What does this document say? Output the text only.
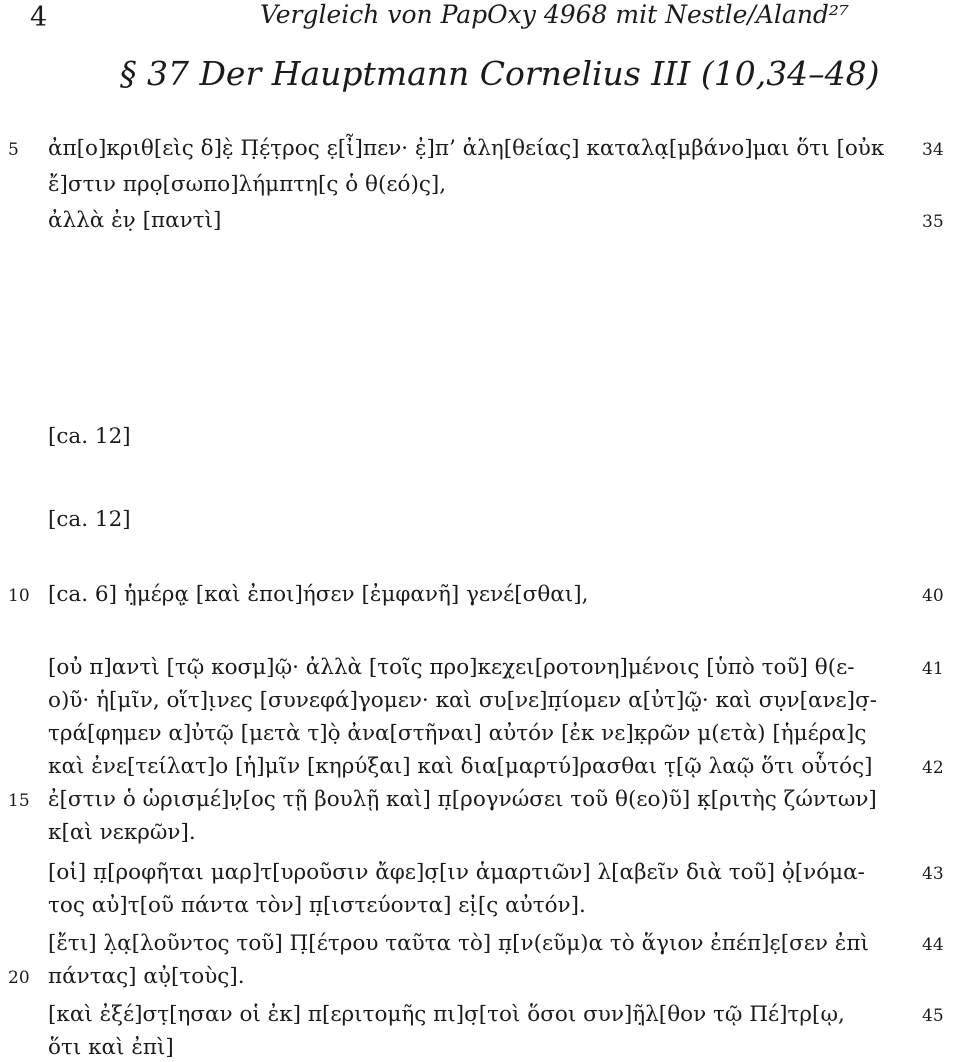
4	Vergleich von PapOxy 4968 mit Nestle/Aland²⁷
§ 37 Der Hauptmann Cornelius III (10,34–48)
ἀπ[ο]κριθ[εὶς δ]ὲ̣ Π̣έ̣τ̣ρος ε̣[ἶ]πεν· ἐ̣]π’ ἀλη[θείας] καταλα̣[μβάνο]μαι ὅτι [οὐκ
ἔ]στιν προ̣[σωπο]λήμπτη[ς ὁ θ(εό)ς],
ἀλλὰ ἐν̣ [παντὶ]
[ca. 12]
[ca. 12]
[ca. 6] ἡ̣μέρᾳ̣ [καὶ ἐποι]ήσεν [ἐμφανῆ] γενέ[σθαι],
[οὐ π]αντὶ [τῷ κοσμ]ῷ· ἀλλὰ [τοῖς προ]κεχ̣ει[ροτονη]μένοις [ὑπὸ τοῦ] θ(ε-
ο)ῦ· ἡ[μῖν, οἵτ]ι̣νες [συνεφά]γομεν· καὶ συ[νε]π̣ίομεν α[ὐτ]ῷ̣· καὶ συ̣ν[ανε]σ̣-
τρά[φημεν α]ὐτῷ [μετὰ τ]ὸ̣ ἀνα[στῆναι] αὐτόν [ἐκ νε]κ̣ρῶν μ(ετὰ) [ἡμέρα]ς
καὶ ἐνε[τείλατ]ο [ἡ]μῖν [κηρύξαι] καὶ δια[μαρτύ]ρασθαι τ̣[ῷ λαῷ ὅτι οὗτός]
ἐ[στιν ὁ ὡρισμέ]ν̣[ος τῇ βουλῇ καὶ] π̣[ρογνώσει τοῦ θ(εο)ῦ] κ̣[ριτὴς ζώντων]
κ[αὶ νεκρῶν].
[οἱ] π̣[ροφῆται μαρ]τ[υροῦσιν ἄφε]σ̣[ιν ἁμαρτιῶν] λ[αβεῖν διὰ τοῦ] ὀ̣[νόμα-
τος αὐ]τ[οῦ πάντα τὸν] π̣[ιστεύοντα] εἰ̣[ς αὐτόν].
[ἔτι] λ̣α̣[λοῦντος τοῦ] Π̣[έτρου ταῦτα τὸ] π̣[ν(εῦμ)α τὸ ἅγιον ἐπέπ]ε̣[σεν ἐπὶ
πάντας] αὐ̣[τοὺς].
[καὶ ἐξέ]στ̣[ησαν οἱ ἐκ] π[εριτομῆς πι]σ̣[τοὶ ὅσοι συν]ῆ̣λ[θον τῷ Πέ]τρ[ῳ,
ὅτι καὶ ἐπὶ]
5
10
15
20
34
35
40
41
42
43
44
45
